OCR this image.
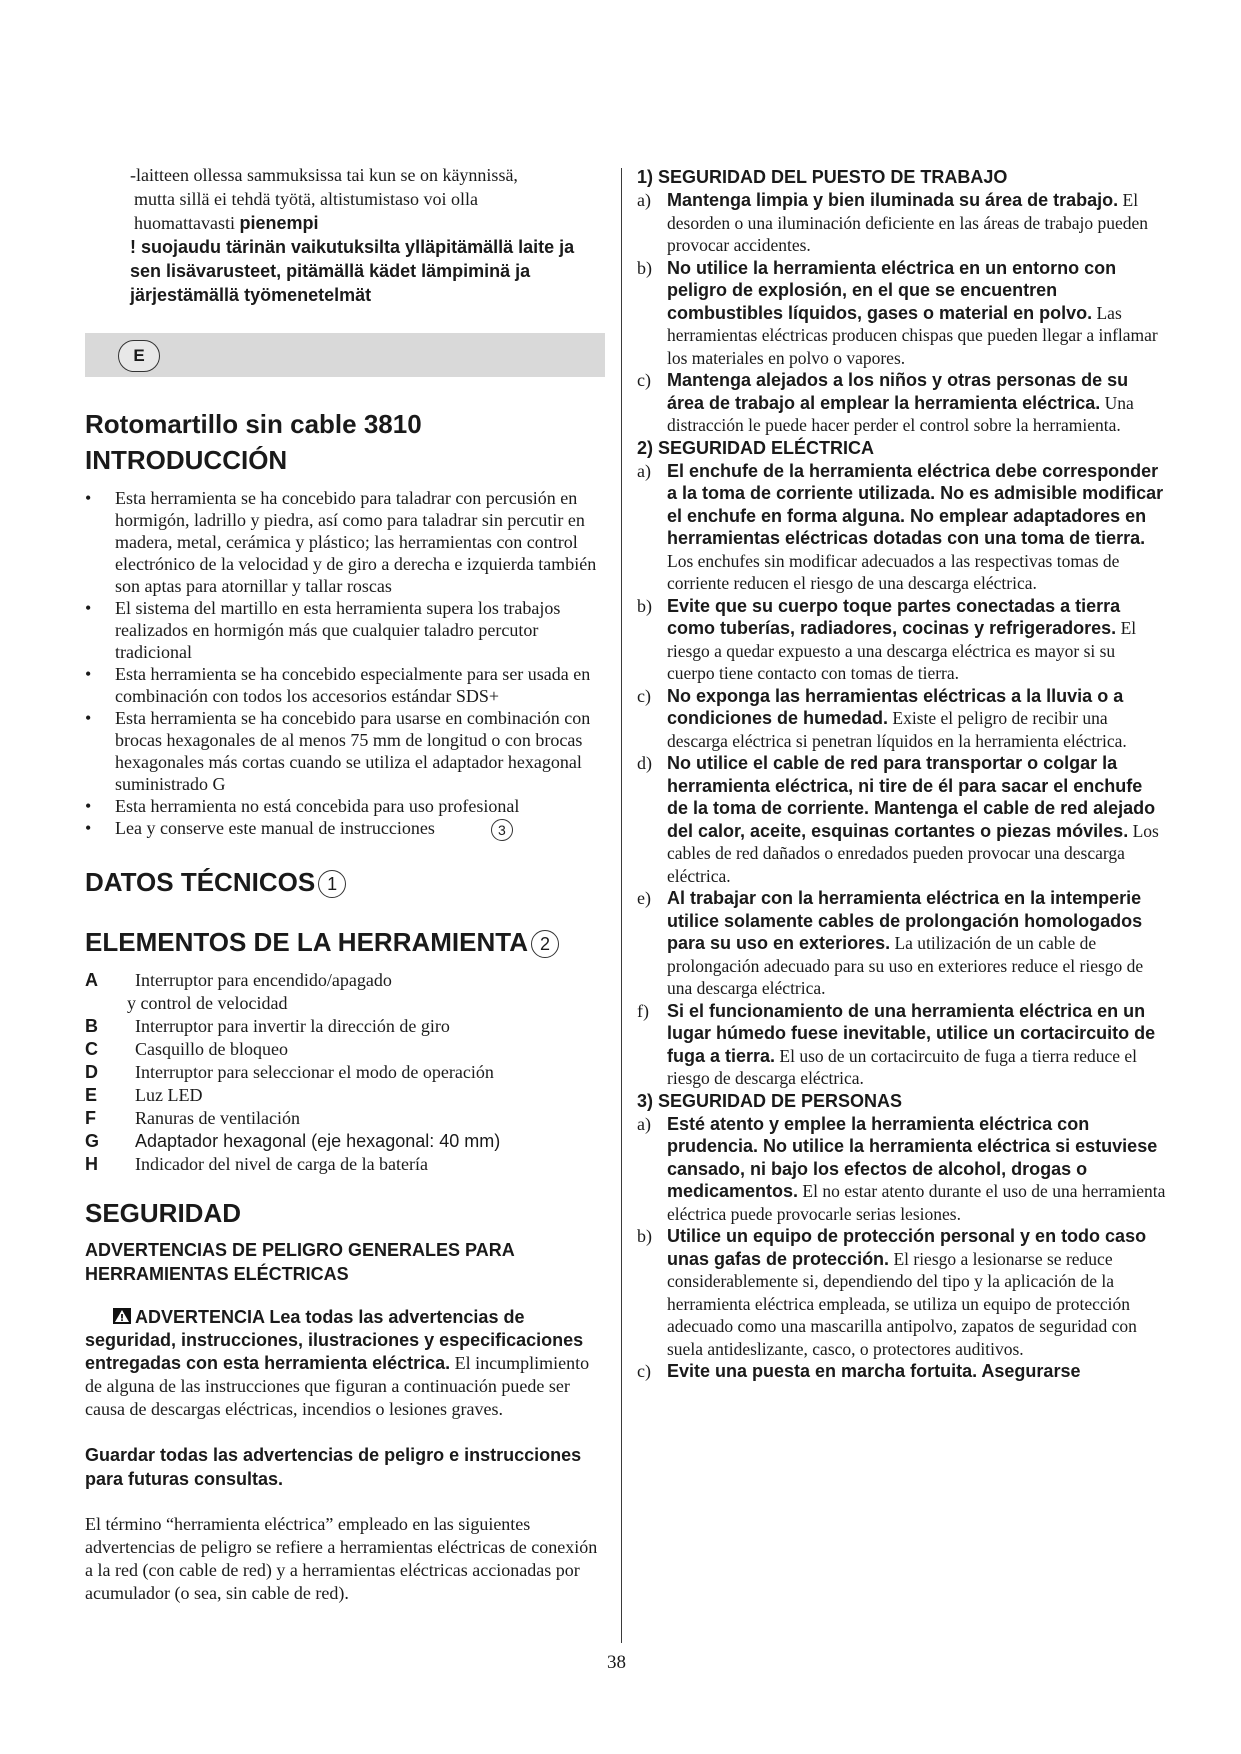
-laitteen ollessa sammuksissa tai kun se on käynnissä,
mutta sillä ei tehdä työtä, altistumistaso voi olla
huomattavasti pienempi
! suojaudu tärinän vaikutuksilta ylläpitämällä laite ja sen lisävarusteet, pitämällä kädet lämpiminä ja järjestämällä työmenetelmät
E
Rotomartillo sin cable 3810
INTRODUCCIÓN
• Esta herramienta se ha concebido para taladrar con percusión en hormigón, ladrillo y piedra, así como para taladrar sin percutir en madera, metal, cerámica y plástico; las herramientas con control electrónico de la velocidad y de giro a derecha e izquierda también son aptas para atornillar y tallar roscas
• El sistema del martillo en esta herramienta supera los trabajos realizados en hormigón más que cualquier taladro percutor tradicional
• Esta herramienta se ha concebido especialmente para ser usada en combinación con todos los accesorios estándar SDS+
• Esta herramienta se ha concebido para usarse en combinación con brocas hexagonales de al menos 75 mm de longitud o con brocas hexagonales más cortas cuando se utiliza el adaptador hexagonal suministrado G
• Esta herramienta no está concebida para uso profesional
• Lea y conserve este manual de instrucciones	3
DATOS TÉCNICOS 1
ELEMENTOS DE LA HERRAMIENTA 2
A	Interruptor para encendido/apagado
y control de velocidad
B	Interruptor para invertir la dirección de giro
C	Casquillo de bloqueo
D	Interruptor para seleccionar el modo de operación
E	Luz LED
F	Ranuras de ventilación
G	Adaptador hexagonal (eje hexagonal: 40 mm)
H	Indicador del nivel de carga de la batería
SEGURIDAD
ADVERTENCIAS DE PELIGRO GENERALES PARA HERRAMIENTAS ELÉCTRICAS
ADVERTENCIA Lea todas las advertencias de seguridad, instrucciones, ilustraciones y especificaciones entregadas con esta herramienta eléctrica. El incumplimiento de alguna de las instrucciones que figuran a continuación puede ser causa de descargas eléctricas, incendios o lesiones graves.
Guardar todas las advertencias de peligro e instrucciones para futuras consultas.
El término “herramienta eléctrica” empleado en las siguientes advertencias de peligro se refiere a herramientas eléctricas de conexión a la red (con cable de red) y a herramientas eléctricas accionadas por acumulador (o sea, sin cable de red).
1) SEGURIDAD DEL PUESTO DE TRABAJO
a) Mantenga limpia y bien iluminada su área de trabajo. El desorden o una iluminación deficiente en las áreas de trabajo pueden provocar accidentes.
b) No utilice la herramienta eléctrica en un entorno con peligro de explosión, en el que se encuentren combustibles líquidos, gases o material en polvo. Las herramientas eléctricas producen chispas que pueden llegar a inflamar los materiales en polvo o vapores.
c) Mantenga alejados a los niños y otras personas de su área de trabajo al emplear la herramienta eléctrica. Una distracción le puede hacer perder el control sobre la herramienta.
2) SEGURIDAD ELÉCTRICA
a) El enchufe de la herramienta eléctrica debe corresponder a la toma de corriente utilizada. No es admisible modificar el enchufe en forma alguna. No emplear adaptadores en herramientas eléctricas dotadas con una toma de tierra. Los enchufes sin modificar adecuados a las respectivas tomas de corriente reducen el riesgo de una descarga eléctrica.
b) Evite que su cuerpo toque partes conectadas a tierra como tuberías, radiadores, cocinas y refrigeradores. El riesgo a quedar expuesto a una descarga eléctrica es mayor si su cuerpo tiene contacto con tomas de tierra.
c) No exponga las herramientas eléctricas a la lluvia o a condiciones de humedad. Existe el peligro de recibir una descarga eléctrica si penetran líquidos en la herramienta eléctrica.
d) No utilice el cable de red para transportar o colgar la herramienta eléctrica, ni tire de él para sacar el enchufe de la toma de corriente. Mantenga el cable de red alejado del calor, aceite, esquinas cortantes o piezas móviles. Los cables de red dañados o enredados pueden provocar una descarga eléctrica.
e) Al trabajar con la herramienta eléctrica en la intemperie utilice solamente cables de prolongación homologados para su uso en exteriores. La utilización de un cable de prolongación adecuado para su uso en exteriores reduce el riesgo de una descarga eléctrica.
f) Si el funcionamiento de una herramienta eléctrica en un lugar húmedo fuese inevitable, utilice un cortacircuito de fuga a tierra. El uso de un cortacircuito de fuga a tierra reduce el riesgo de descarga eléctrica.
3) SEGURIDAD DE PERSONAS
a) Esté atento y emplee la herramienta eléctrica con prudencia. No utilice la herramienta eléctrica si estuviese cansado, ni bajo los efectos de alcohol, drogas o medicamentos. El no estar atento durante el uso de una herramienta eléctrica puede provocarle serias lesiones.
b) Utilice un equipo de protección personal y en todo caso unas gafas de protección. El riesgo a lesionarse se reduce considerablemente si, dependiendo del tipo y la aplicación de la herramienta eléctrica empleada, se utiliza un equipo de protección adecuado como una mascarilla antipolvo, zapatos de seguridad con suela antideslizante, casco, o protectores auditivos.
c) Evite una puesta en marcha fortuita. Asegurarse
38
